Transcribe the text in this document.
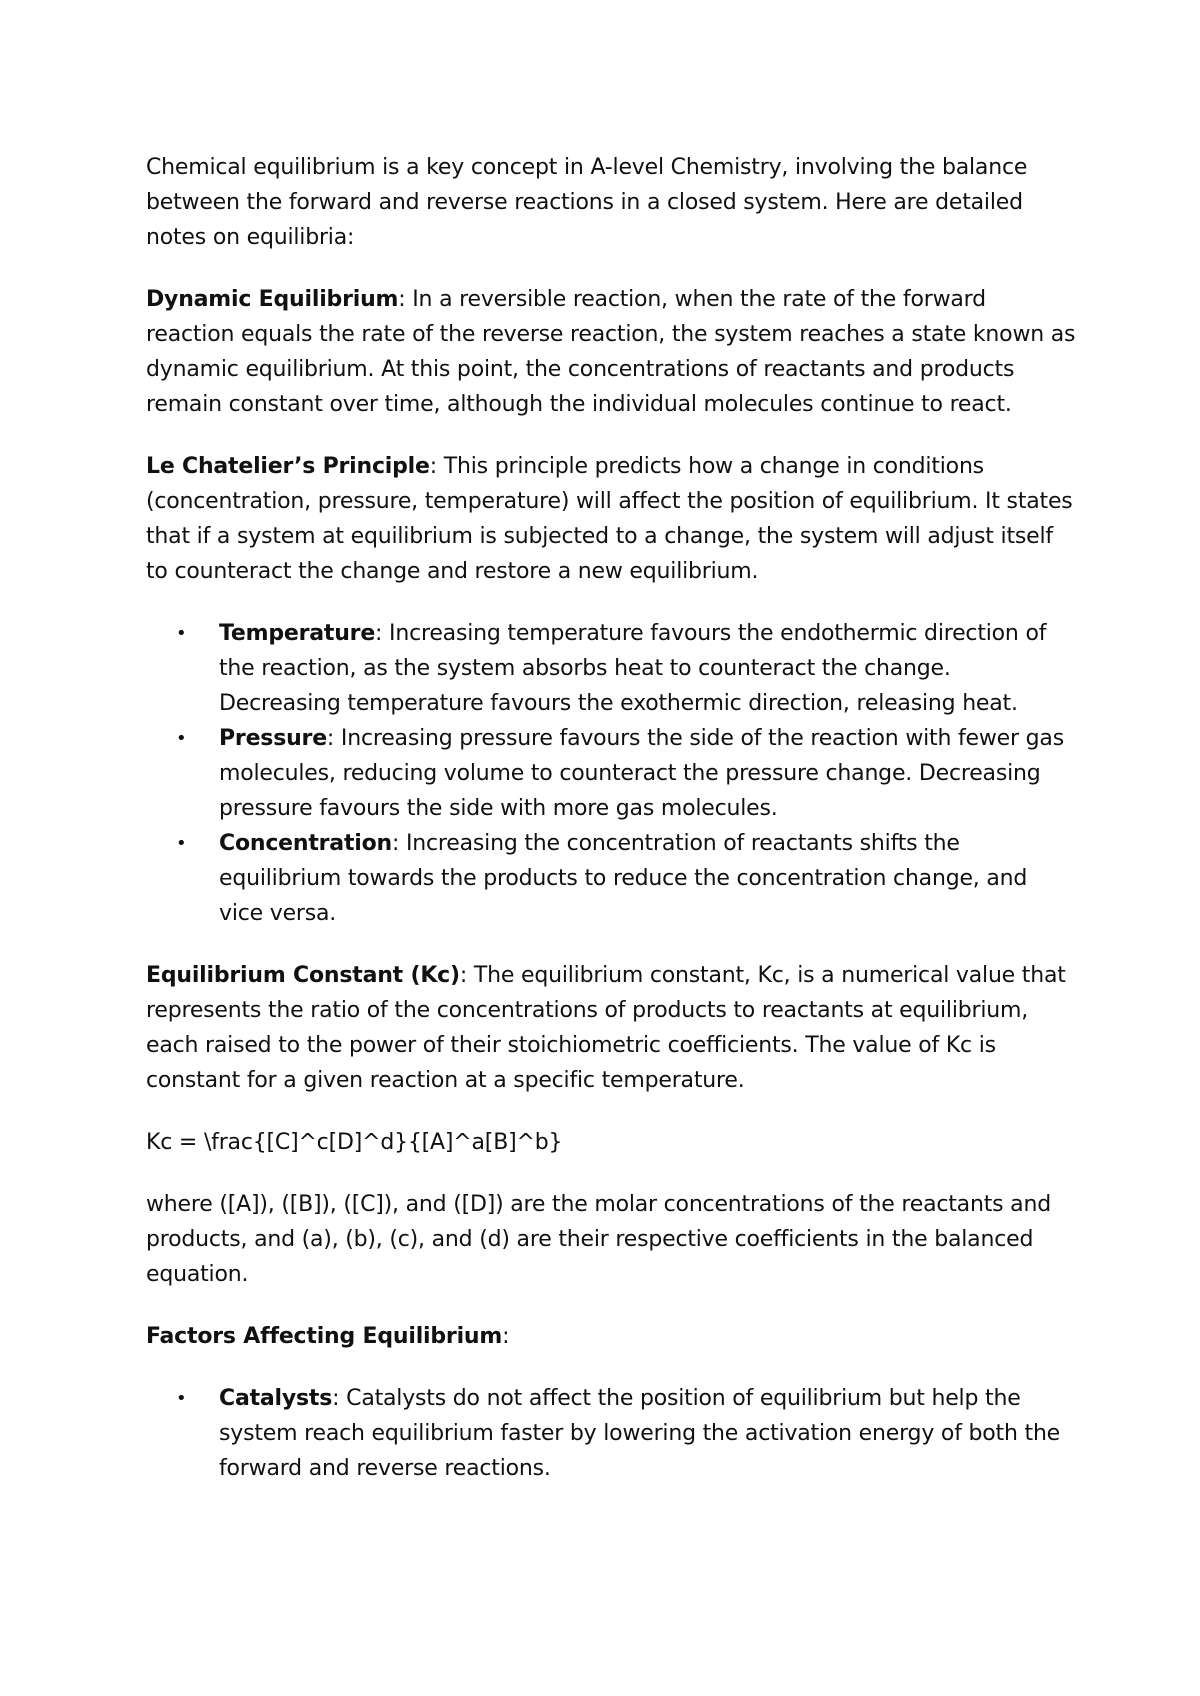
Chemical equilibrium is a key concept in A-level Chemistry, involving the balance between the forward and reverse reactions in a closed system. Here are detailed notes on equilibria:

Dynamic Equilibrium: In a reversible reaction, when the rate of the forward reaction equals the rate of the reverse reaction, the system reaches a state known as dynamic equilibrium. At this point, the concentrations of reactants and products remain constant over time, although the individual molecules continue to react.

Le Chatelier’s Principle: This principle predicts how a change in conditions (concentration, pressure, temperature) will affect the position of equilibrium. It states that if a system at equilibrium is subjected to a change, the system will adjust itself to counteract the change and restore a new equilibrium.

• Temperature: Increasing temperature favours the endothermic direction of the reaction, as the system absorbs heat to counteract the change. Decreasing temperature favours the exothermic direction, releasing heat.
• Pressure: Increasing pressure favours the side of the reaction with fewer gas molecules, reducing volume to counteract the pressure change. Decreasing pressure favours the side with more gas molecules.
• Concentration: Increasing the concentration of reactants shifts the equilibrium towards the products to reduce the concentration change, and vice versa.

Equilibrium Constant (Kc): The equilibrium constant, Kc, is a numerical value that represents the ratio of the concentrations of products to reactants at equilibrium, each raised to the power of their stoichiometric coefficients. The value of Kc is constant for a given reaction at a specific temperature.

Kc = \frac{[C]^c[D]^d}{[A]^a[B]^b}

where ([A]), ([B]), ([C]), and ([D]) are the molar concentrations of the reactants and products, and (a), (b), (c), and (d) are their respective coefficients in the balanced equation.

Factors Affecting Equilibrium:

• Catalysts: Catalysts do not affect the position of equilibrium but help the system reach equilibrium faster by lowering the activation energy of both the forward and reverse reactions.
